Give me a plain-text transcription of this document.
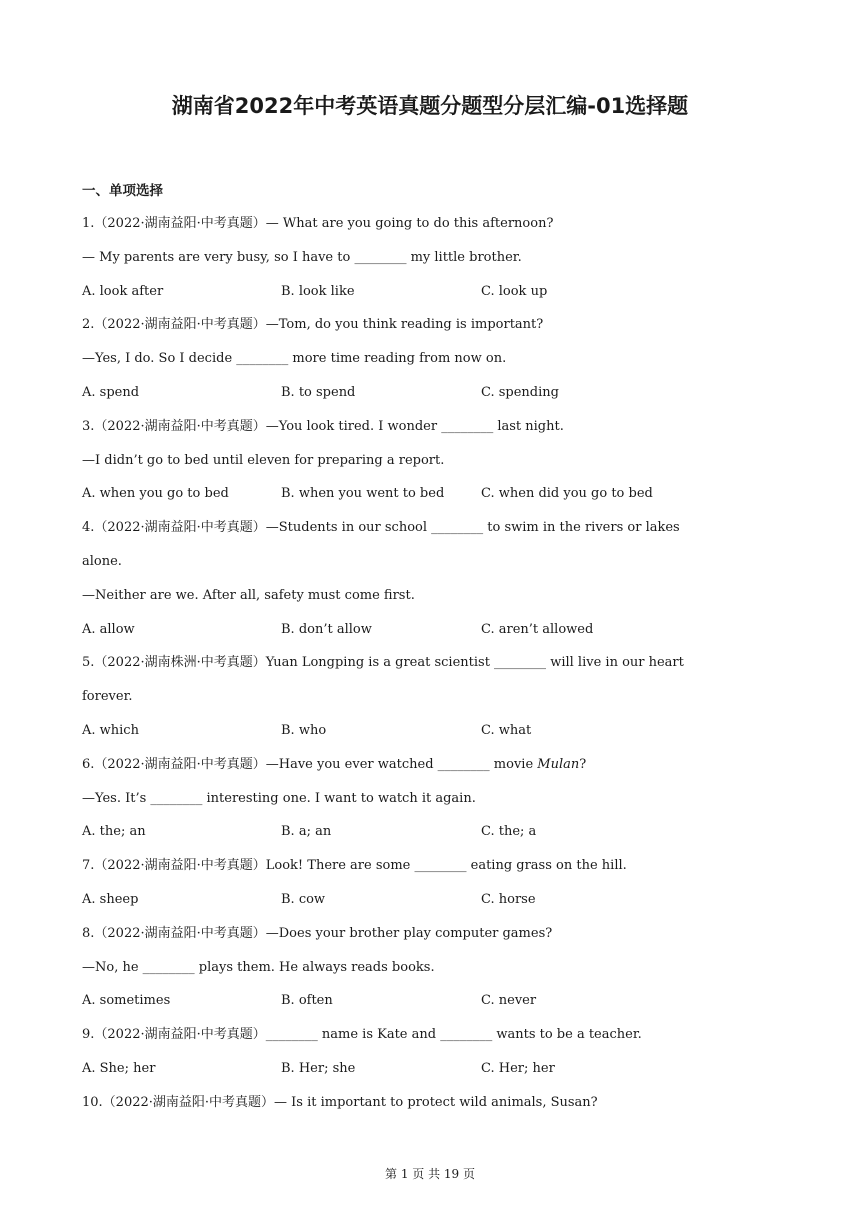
湖南省2022年中考英语真题分题型分层汇编-01选择题
一、单项选择
1.（2022·湖南益阳·中考真题）— What are you going to do this afternoon?
— My parents are very busy, so I have to ________ my little brother.
A. look after	B. look like	C. look up
2.（2022·湖南益阳·中考真题）—Tom, do you think reading is important?
—Yes, I do. So I decide ________ more time reading from now on.
A. spend	B. to spend	C. spending
3.（2022·湖南益阳·中考真题）—You look tired. I wonder ________ last night.
—I didn’t go to bed until eleven for preparing a report.
A. when you go to bed	B. when you went to bed	C. when did you go to bed
4.（2022·湖南益阳·中考真题）—Students in our school ________ to swim in the rivers or lakes
alone.
—Neither are we. After all, safety must come first.
A. allow	B. don’t allow	C. aren’t allowed
5.（2022·湖南株洲·中考真题）Yuan Longping is a great scientist ________ will live in our heart
forever.
A. which	B. who	C. what
6.（2022·湖南益阳·中考真题）—Have you ever watched ________ movie Mulan?
—Yes. It’s ________ interesting one. I want to watch it again.
A. the; an	B. a; an	C. the; a
7.（2022·湖南益阳·中考真题）Look! There are some ________ eating grass on the hill.
A. sheep	B. cow	C. horse
8.（2022·湖南益阳·中考真题）—Does your brother play computer games?
—No, he ________ plays them. He always reads books.
A. sometimes	B. often	C. never
9.（2022·湖南益阳·中考真题）________ name is Kate and ________ wants to be a teacher.
A. She; her	B. Her; she	C. Her; her
10.（2022·湖南益阳·中考真题）— Is it important to protect wild animals, Susan?
第 1 页 共 19 页
